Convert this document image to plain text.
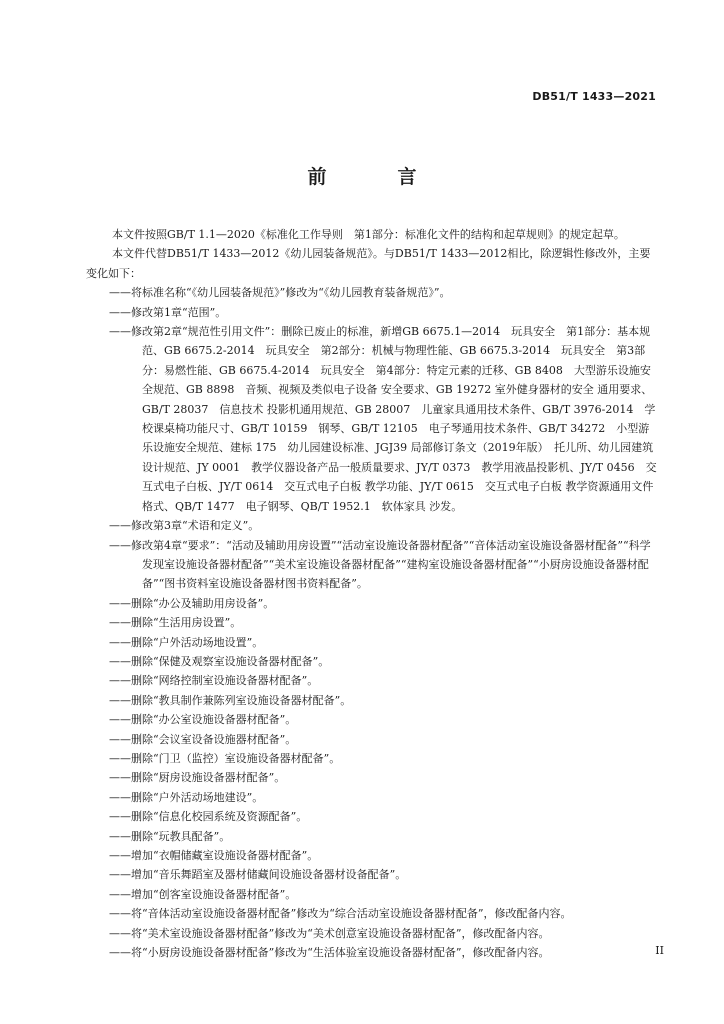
DB51/T 1433—2021
前　言

本文件按照GB/T 1.1—2020《标准化工作导则　第1部分：标准化文件的结构和起草规则》的规定起草。

本文件代替DB51/T 1433—2012《幼儿园装备规范》。与DB51/T 1433—2012相比，除逻辑性修改外，主要变化如下：

——将标准名称“《幼儿园装备规范》”修改为“《幼儿园教育装备规范》”。

——修改第1章“范围”。

——修改第2章“规范性引用文件”：删除已废止的标准，新增GB 6675.1—2014　玩具安全　第1部分：基本规范、GB 6675.2-2014　玩具安全　第2部分：机械与物理性能、GB 6675.3-2014　玩具安全　第3部分：易燃性能、GB 6675.4-2014　玩具安全　第4部分：特定元素的迁移、GB 8408　大型游乐设施安全规范、GB 8898　音频、视频及类似电子设备 安全要求、GB 19272 室外健身器材的安全 通用要求、GB/T 28037　信息技术 投影机通用规范、GB 28007　儿童家具通用技术条件、GB/T 3976-2014　学校课桌椅功能尺寸、GB/T 10159　钢琴、GB/T 12105　电子琴通用技术条件、GB/T 34272　小型游乐设施安全规范、建标 175　幼儿园建设标准、JGJ39 局部修订条文（2019年版）　托儿所、幼儿园建筑设计规范、JY 0001　教学仪器设备产品一般质量要求、JY/T 0373　教学用液晶投影机、JY/T 0456　交互式电子白板、JY/T 0614　交互式电子白板 教学功能、JY/T 0615　交互式电子白板 教学资源通用文件格式、QB/T 1477　电子钢琴、QB/T 1952.1　软体家具 沙发。

——修改第3章“术语和定义”。

——修改第4章“要求”：“活动及辅助用房设置”“活动室设施设备器材配备”“音体活动室设施设备器材配备”“科学发现室设施设备器材配备”“美术室设施设备器材配备”“建构室设施设备器材配备”“小厨房设施设备器材配备”“图书资料室设施设备器材图书资料配备”。

——删除“办公及辅助用房设备”。

——删除“生活用房设置”。

——删除“户外活动场地设置”。

——删除“保健及观察室设施设备器材配备”。

——删除“网络控制室设施设备器材配备”。

——删除“教具制作兼陈列室设施设备器材配备”。

——删除“办公室设施设备器材配备”。

——删除“会议室设备设施器材配备”。

——删除“门卫（监控）室设施设备器材配备”。

——删除“厨房设施设备器材配备”。

——删除“户外活动场地建设”。

——删除“信息化校园系统及资源配备”。

——删除“玩教具配备”。

——增加“衣帽储藏室设施设备器材配备”。

——增加“音乐舞蹈室及器材储藏间设施设备器材设备配备”。

——增加“创客室设施设备器材配备”。

——将“音体活动室设施设备器材配备”修改为“综合活动室设施设备器材配备”，修改配备内容。

——将“美术室设施设备器材配备”修改为“美术创意室设施设备器材配备”，修改配备内容。

——将“小厨房设施设备器材配备”修改为“生活体验室设施设备器材配备”，修改配备内容。	II
